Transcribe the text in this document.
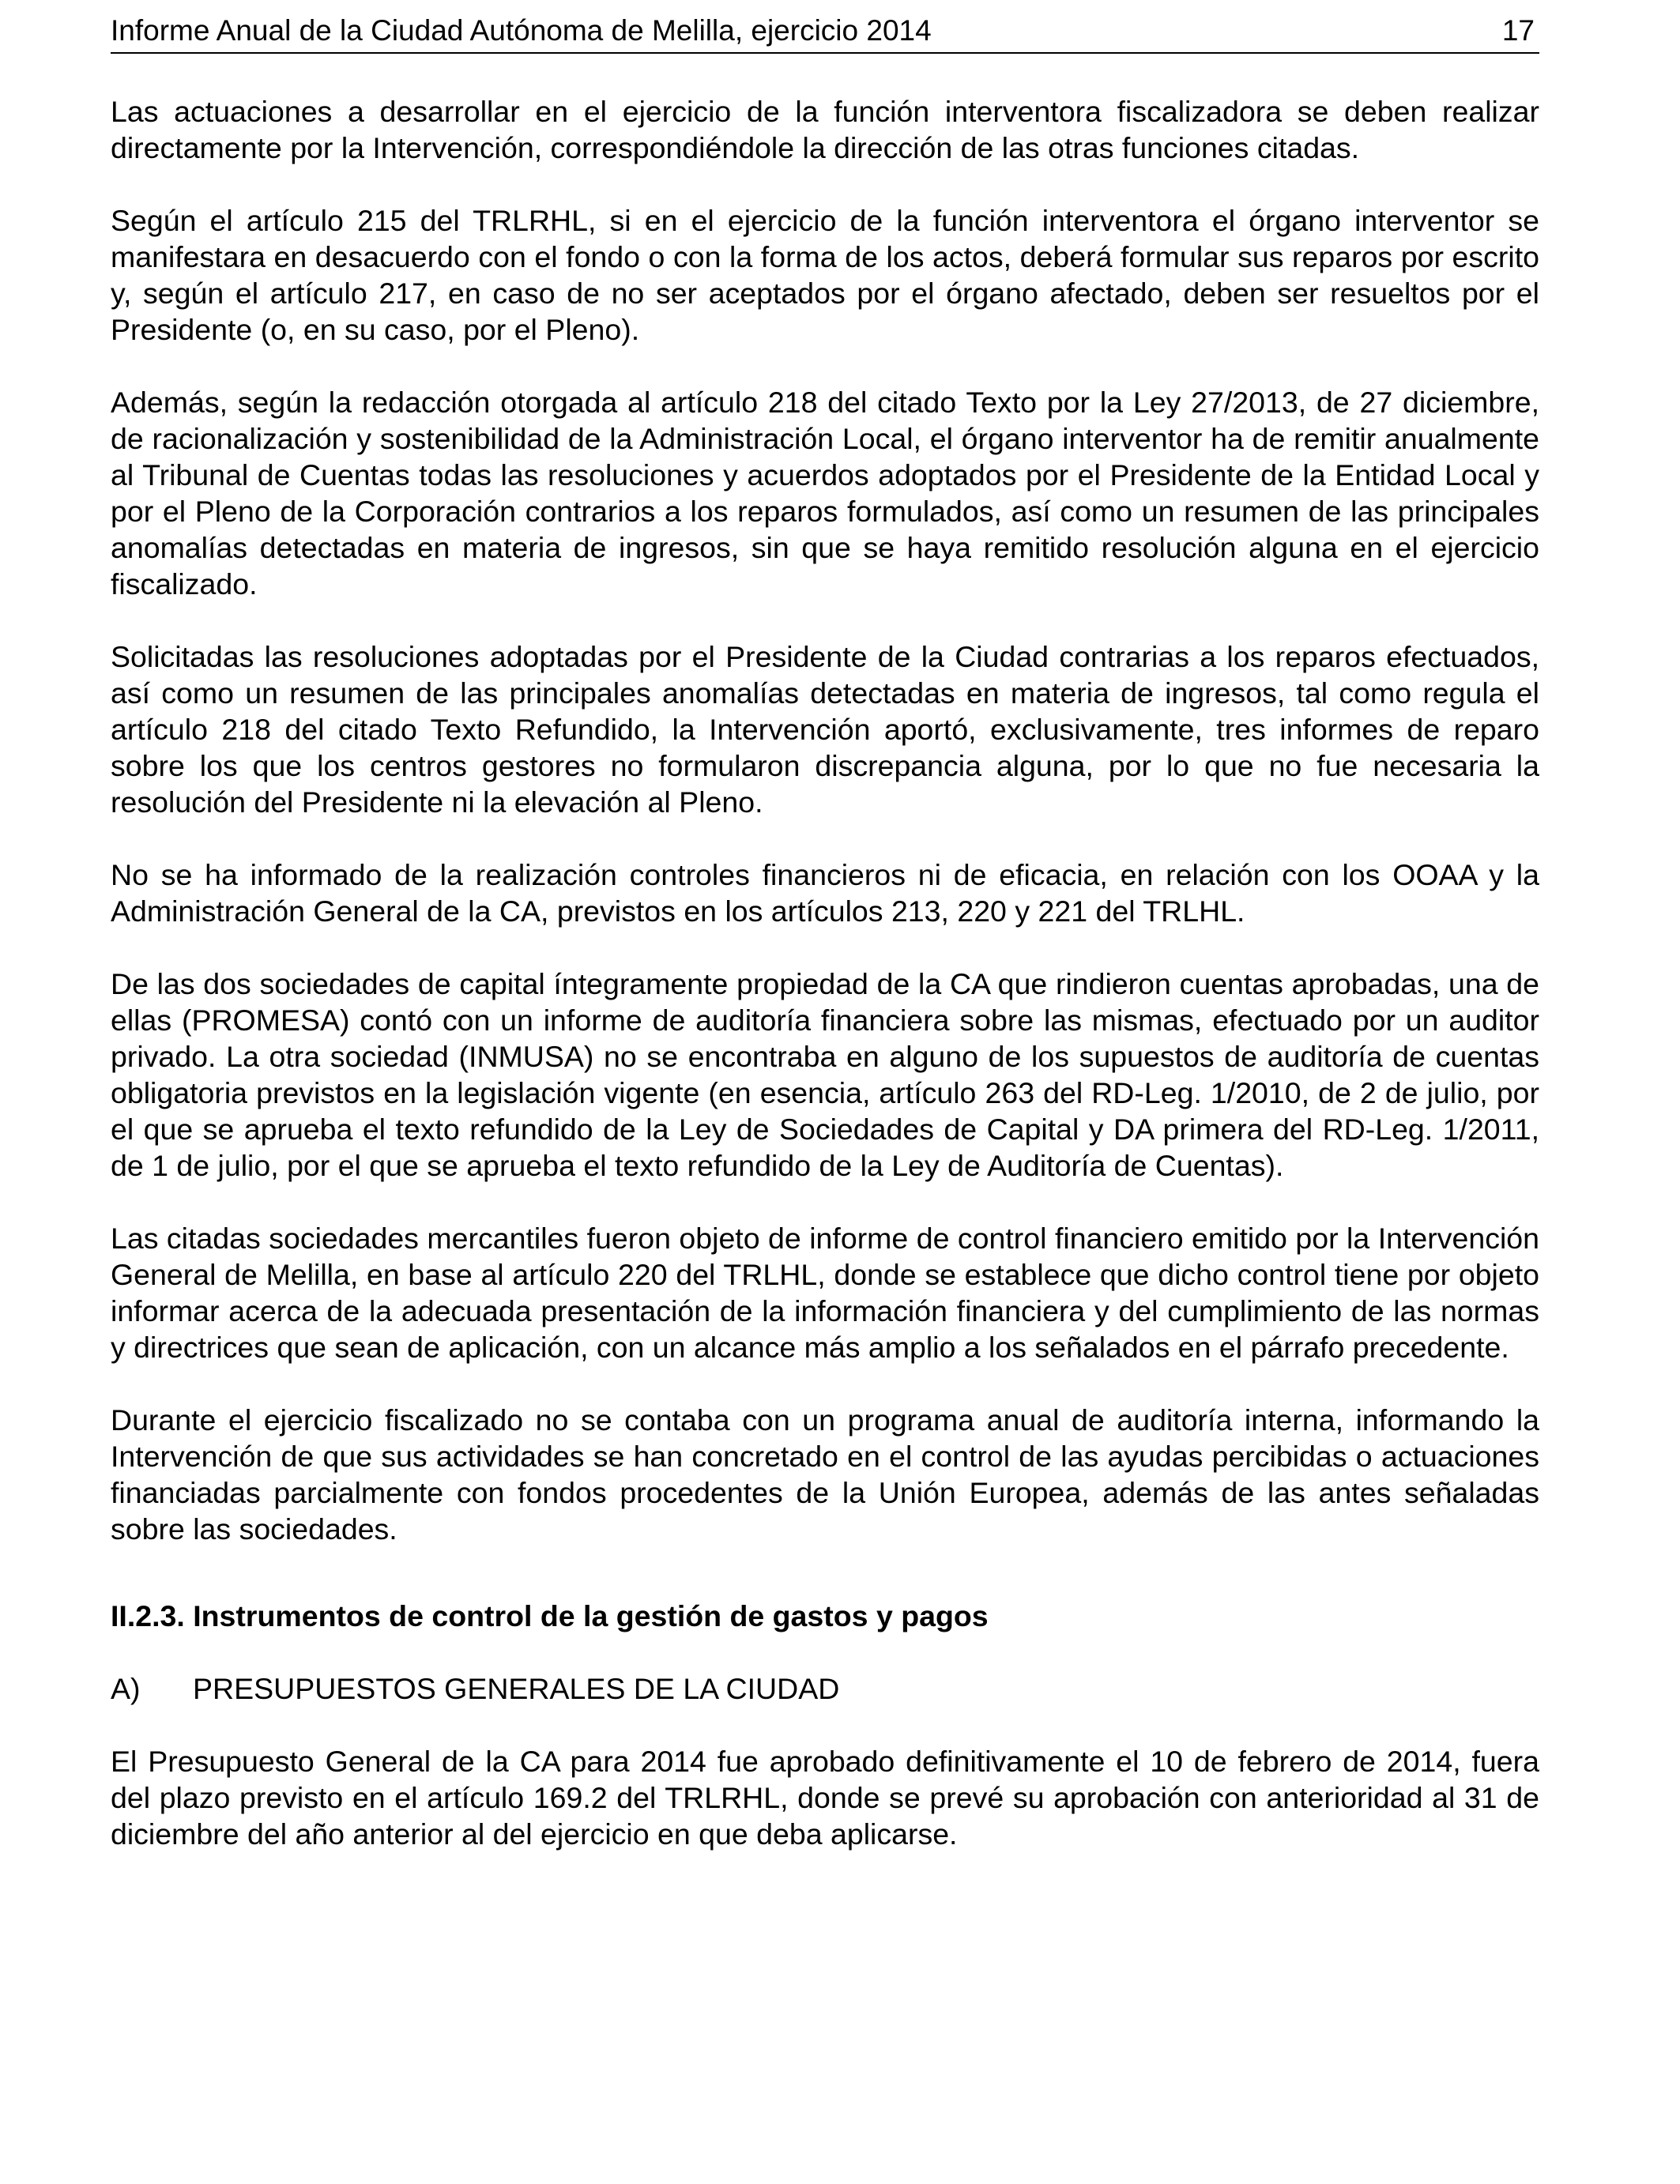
Informe Anual de la Ciudad Autónoma de Melilla, ejercicio 2014	17

Las actuaciones a desarrollar en el ejercicio de la función interventora fiscalizadora se deben realizar directamente por la Intervención, correspondiéndole la dirección de las otras funciones citadas.

Según el artículo 215 del TRLRHL, si en el ejercicio de la función interventora el órgano interventor se manifestara en desacuerdo con el fondo o con la forma de los actos, deberá formular sus reparos por escrito y, según el artículo 217, en caso de no ser aceptados por el órgano afectado, deben ser resueltos por el Presidente (o, en su caso, por el Pleno).

Además, según la redacción otorgada al artículo 218 del citado Texto por la Ley 27/2013, de 27 diciembre, de racionalización y sostenibilidad de la Administración Local, el órgano interventor ha de remitir anualmente al Tribunal de Cuentas todas las resoluciones y acuerdos adoptados por el Presidente de la Entidad Local y por el Pleno de la Corporación contrarios a los reparos formulados, así como un resumen de las principales anomalías detectadas en materia de ingresos, sin que se haya remitido resolución alguna en el ejercicio fiscalizado.

Solicitadas las resoluciones adoptadas por el Presidente de la Ciudad contrarias a los reparos efectuados, así como un resumen de las principales anomalías detectadas en materia de ingresos, tal como regula el artículo 218 del citado Texto Refundido, la Intervención aportó, exclusivamente, tres informes de reparo sobre los que los centros gestores no formularon discrepancia alguna, por lo que no fue necesaria la resolución del Presidente ni la elevación al Pleno.

No se ha informado de la realización controles financieros ni de eficacia, en relación con los OOAA y la Administración General de la CA, previstos en los artículos 213, 220 y 221 del TRLHL.

De las dos sociedades de capital íntegramente propiedad de la CA que rindieron cuentas aprobadas, una de ellas (PROMESA) contó con un informe de auditoría financiera sobre las mismas, efectuado por un auditor privado. La otra sociedad (INMUSA) no se encontraba en alguno de los supuestos de auditoría de cuentas obligatoria previstos en la legislación vigente (en esencia, artículo 263 del RD-Leg. 1/2010, de 2 de julio, por el que se aprueba el texto refundido de la Ley de Sociedades de Capital y DA primera del RD-Leg. 1/2011, de 1 de julio, por el que se aprueba el texto refundido de la Ley de Auditoría de Cuentas).

Las citadas sociedades mercantiles fueron objeto de informe de control financiero emitido por la Intervención General de Melilla, en base al artículo 220 del TRLHL, donde se establece que dicho control tiene por objeto informar acerca de la adecuada presentación de la información financiera y del cumplimiento de las normas y directrices que sean de aplicación, con un alcance más amplio a los señalados en el párrafo precedente.

Durante el ejercicio fiscalizado no se contaba con un programa anual de auditoría interna, informando la Intervención de que sus actividades se han concretado en el control de las ayudas percibidas o actuaciones financiadas parcialmente con fondos procedentes de la Unión Europea, además de las antes señaladas sobre las sociedades.

II.2.3. Instrumentos de control de la gestión de gastos y pagos
A)	PRESUPUESTOS GENERALES DE LA CIUDAD

El Presupuesto General de la CA para 2014 fue aprobado definitivamente el 10 de febrero de 2014, fuera del plazo previsto en el artículo 169.2 del TRLRHL, donde se prevé su aprobación con anterioridad al 31 de diciembre del año anterior al del ejercicio en que deba aplicarse.
